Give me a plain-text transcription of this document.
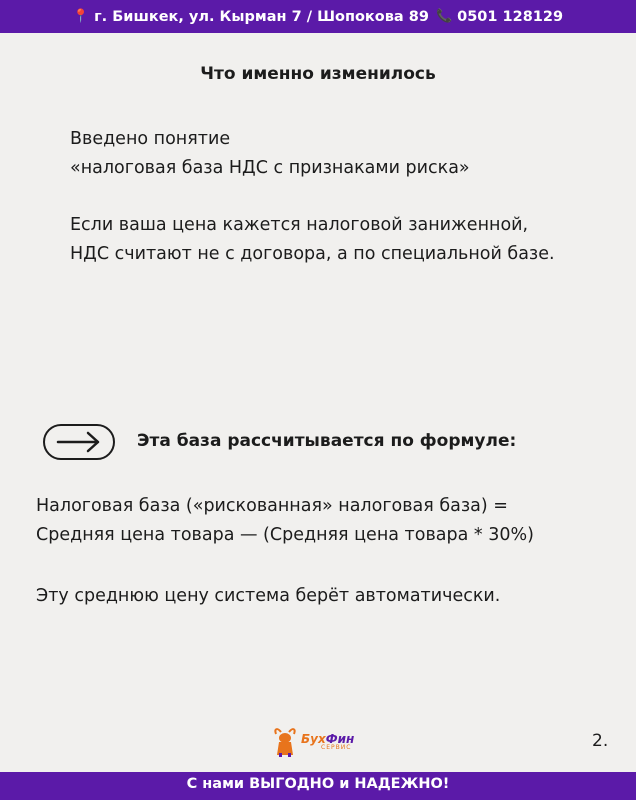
📍 г. Бишкек, ул. Кырман 7 / Шопокова 89 📞 0501 128129
Что именно изменилось
Введено понятие
«налоговая база НДС с признаками риска»
Если ваша цена кажется налоговой заниженной,
НДС считают не с договора, а по специальной базе.
Эта база рассчитывается по формуле:
Налоговая база («рискованная» налоговая база) =
Средняя цена товара — (Средняя цена товара * 30%)
Эту среднюю цену система берёт автоматически.
БухФин
СЕРВИС	2.
С нами ВЫГОДНО и НАДЕЖНО!
